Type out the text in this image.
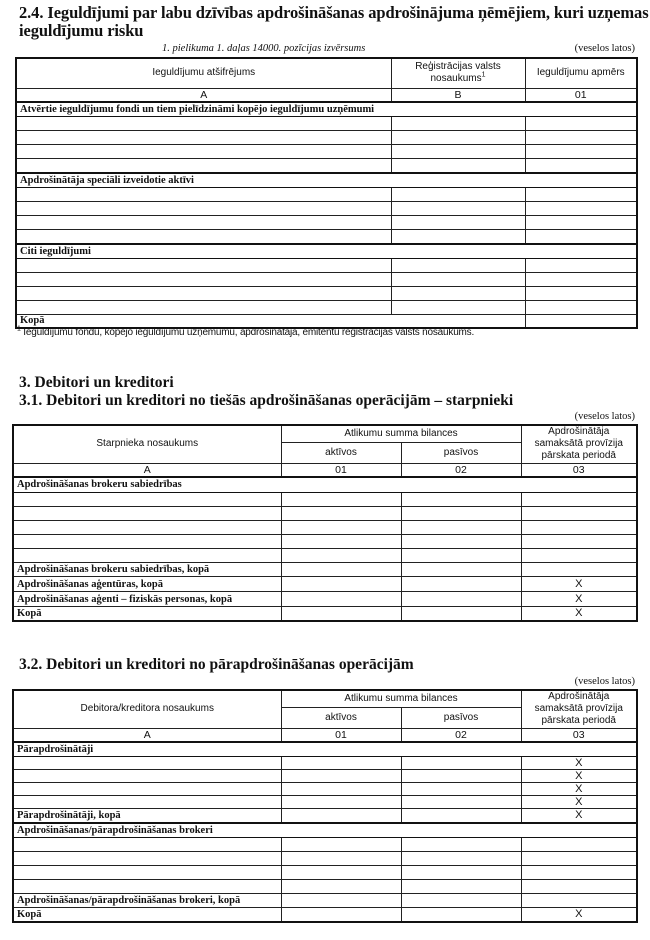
2.4. Ieguldījumi par labu dzīvības apdrošināšanas apdrošinājuma ņēmējiem, kuri uzņemas
ieguldījumu risku
1. pielikuma 1. daļas 14000. pozīcijas izvērsums	(veselos latos)
Ieguldījumu atšifrējums	Reģistrācijas valsts nosaukums$^1$	Ieguldījumu apmērs
A	B	01
Atvērtie ieguldījumu fondi un tiem pielīdzināmi kopējo ieguldījumu uzņēmumi		

Apdrošinātāja speciāli izveidotie aktīvi		

Citi ieguldījumi		

Kopā		
$^1$ Ieguldījumu fondu, kopējo ieguldījumu uzņēmumu, apdrošinātāja, emitentu reģistrācijas valsts nosaukums.
3. Debitori un kreditori
3.1. Debitori un kreditori no tiešās apdrošināšanas operācijām – starpnieki
(veselos latos)
Starpnieka nosaukums	Atlikumu summa bilances		Apdrošinātāja samaksātā provīzija pārskata periodā
	aktīvos	pasīvos	
A	01	02	03
Apdrošināšanas brokeru sabiedrības			

Apdrošināšanas brokeru sabiedrības, kopā			
Apdrošināšanas aģentūras, kopā			X
Apdrošināšanas aģenti – fiziskās personas, kopā			X
Kopā			X
3.2. Debitori un kreditori no pārapdrošināšanas operācijām
(veselos latos)
Debitora/kreditora nosaukums	Atlikumu summa bilances		Apdrošinātāja samaksātā provīzija pārskata periodā
	aktīvos	pasīvos	
A	01	02	03
Pārapdrošinātāji			
			X
			X
			X
			X
Pārapdrošinātāji, kopā			X
Apdrošināšanas/pārapdrošināšanas brokeri			

Apdrošināšanas/pārapdrošināšanas brokeri, kopā			
Kopā			X
